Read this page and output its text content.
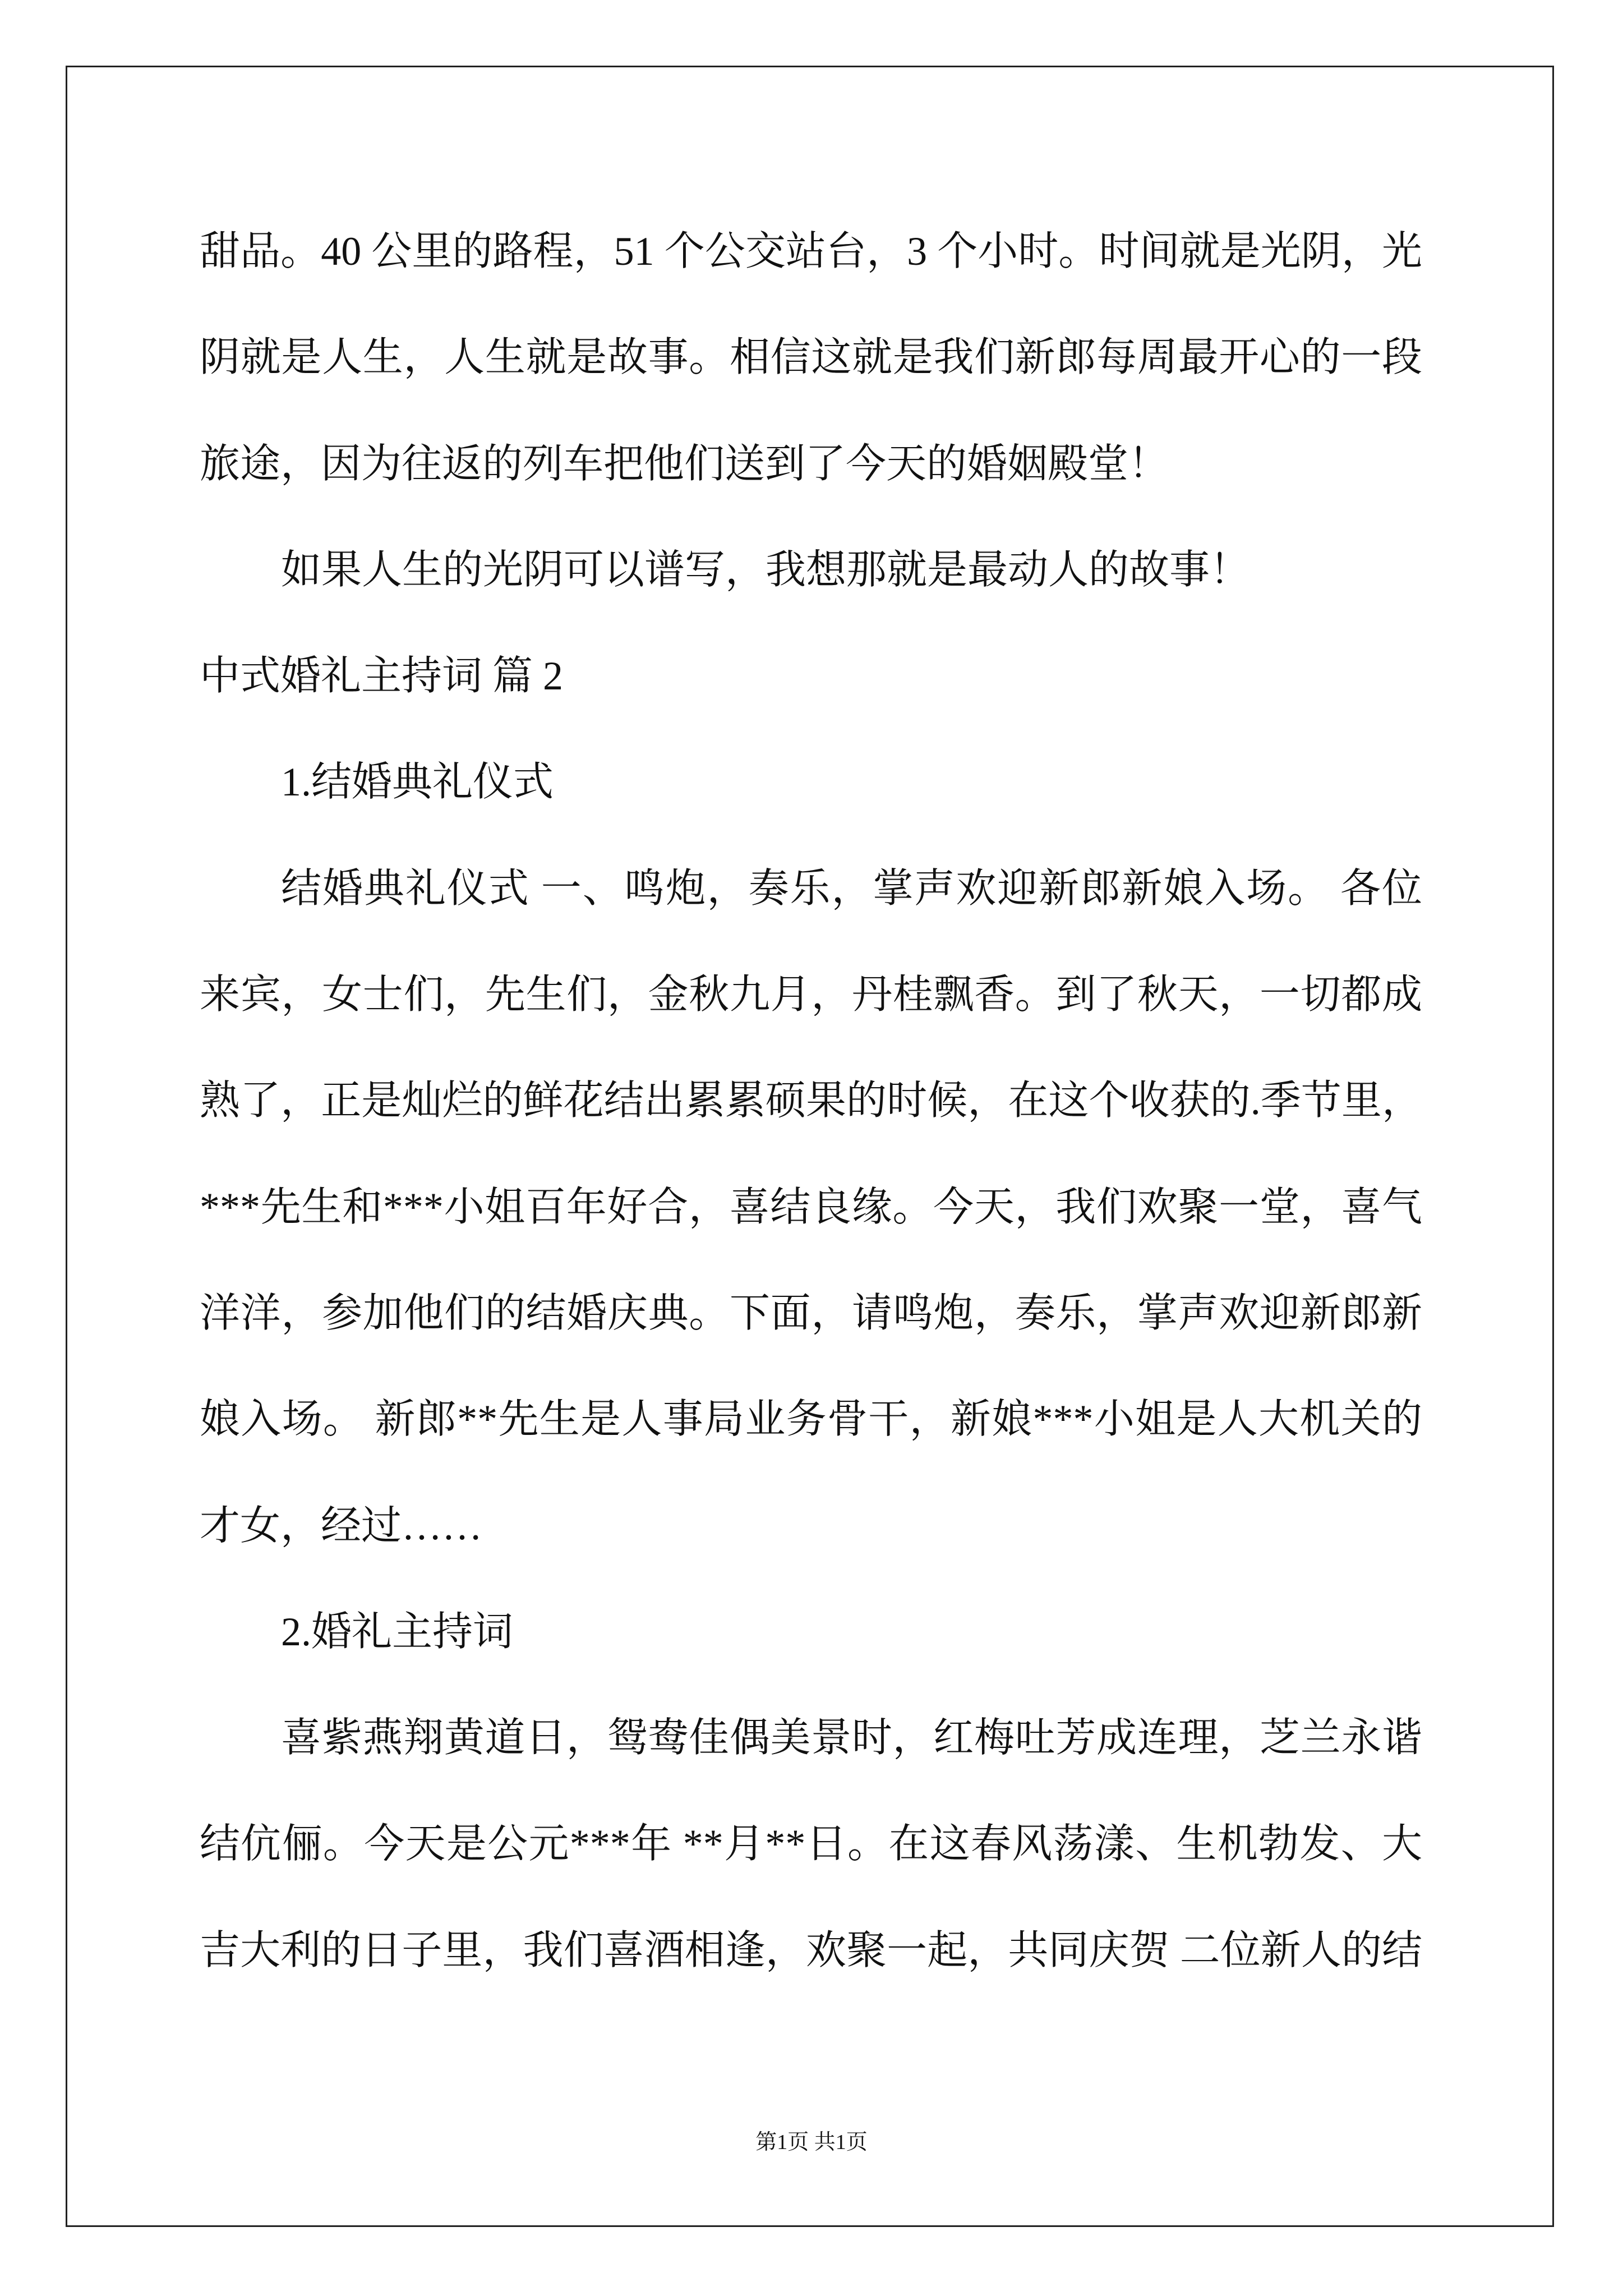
甜品。40 公里的路程，51 个公交站台，3 个小时。时间就是光阴，光
阴就是人生，人生就是故事。相信这就是我们新郎每周最开心的一段
旅途，因为往返的列车把他们送到了今天的婚姻殿堂！
如果人生的光阴可以谱写，我想那就是最动人的故事！
中式婚礼主持词 篇 2
1.结婚典礼仪式
结婚典礼仪式 一、鸣炮，奏乐，掌声欢迎新郎新娘入场。 各位
来宾，女士们，先生们，金秋九月，丹桂飘香。到了秋天，一切都成
熟了，正是灿烂的鲜花结出累累硕果的时候，在这个收获的.季节里，
***先生和***小姐百年好合，喜结良缘。今天，我们欢聚一堂，喜气
洋洋，参加他们的结婚庆典。下面，请鸣炮，奏乐，掌声欢迎新郎新
娘入场。 新郎**先生是人事局业务骨干，新娘***小姐是人大机关的
才女，经过……
2.婚礼主持词
喜紫燕翔黄道日，鸳鸯佳偶美景时，红梅吐芳成连理，芝兰永谐
结伉俪。今天是公元***年 **月**日。在这春风荡漾、生机勃发、大
吉大利的日子里，我们喜酒相逢，欢聚一起，共同庆贺 二位新人的结
第1页 共1页
